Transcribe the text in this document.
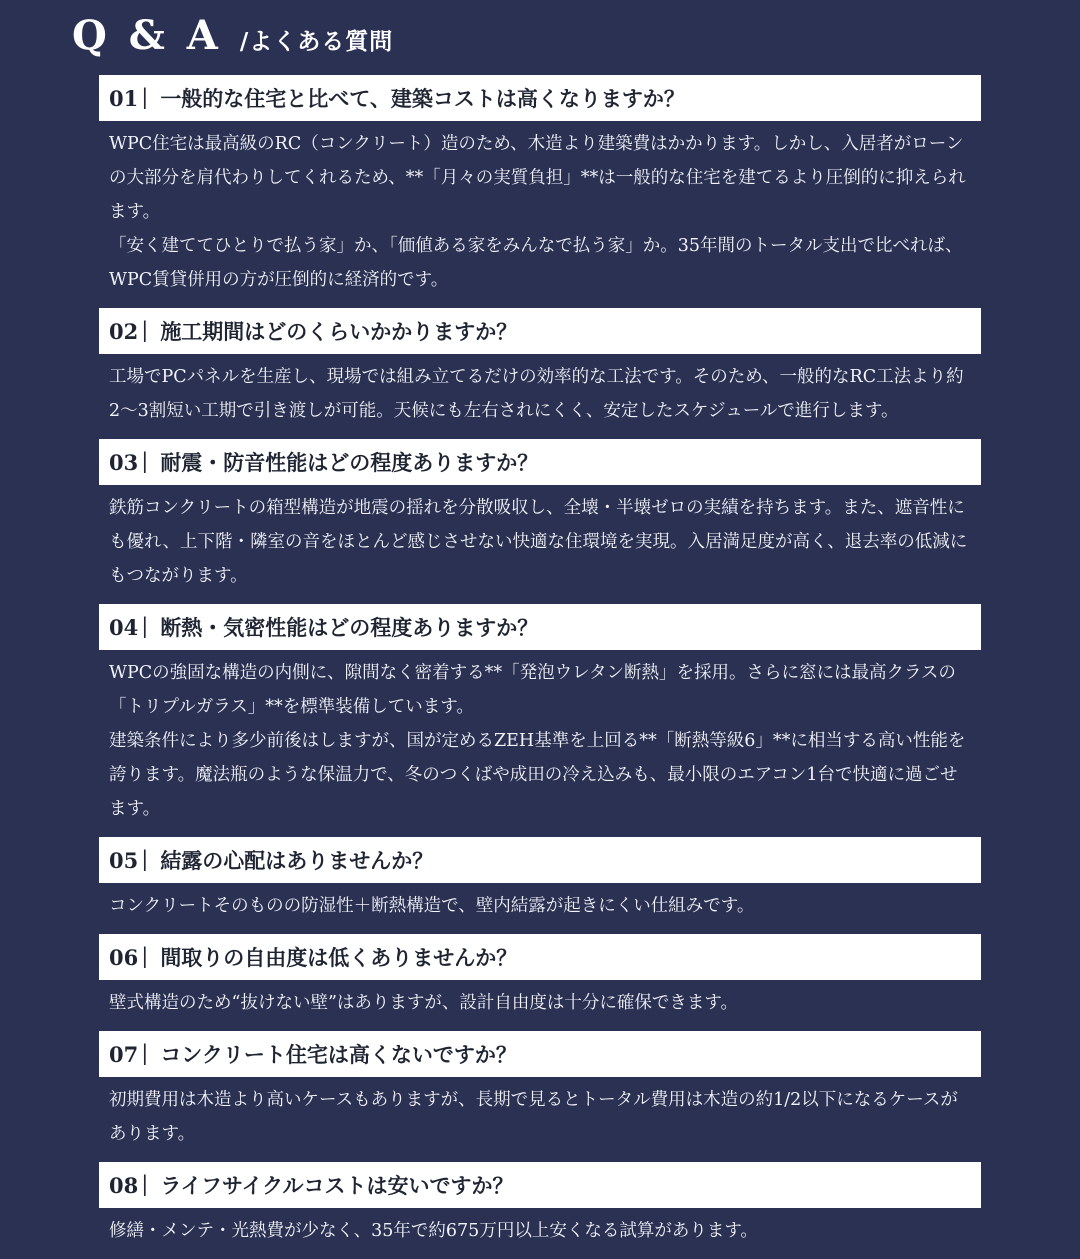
Q & A /よくある質問
01 | 一般的な住宅と比べて、建築コストは高くなりますか？

WPC住宅は最高級のRC（コンクリート）造のため、木造より建築費はかかります。しかし、入居者がローンの大部分を肩代わりしてくれるため、**「月々の実質負担」**は一般的な住宅を建てるより圧倒的に抑えられます。

「安く建ててひとりで払う家」か、「価値ある家をみんなで払う家」か。35年間のトータル支出で比べれば、WPC賃貸併用の方が圧倒的に経済的です。

02 | 施工期間はどのくらいかかりますか？

工場でPCパネルを生産し、現場では組み立てるだけの効率的な工法です。そのため、一般的なRC工法より約2〜3割短い工期で引き渡しが可能。天候にも左右されにくく、安定したスケジュールで進行します。

03 | 耐震・防音性能はどの程度ありますか？

鉄筋コンクリートの箱型構造が地震の揺れを分散吸収し、全壊・半壊ゼロの実績を持ちます。また、遮音性にも優れ、上下階・隣室の音をほとんど感じさせない快適な住環境を実現。入居満足度が高く、退去率の低減にもつながります。

04 | 断熱・気密性能はどの程度ありますか？

WPCの強固な構造の内側に、隙間なく密着する**「発泡ウレタン断熱」を採用。さらに窓には最高クラスの「トリプルガラス」**を標準装備しています。

建築条件により多少前後はしますが、国が定めるZEH基準を上回る**「断熱等級6」**に相当する高い性能を誇ります。魔法瓶のような保温力で、冬のつくばや成田の冷え込みも、最小限のエアコン1台で快適に過ごせます。

05 | 結露の心配はありませんか？

コンクリートそのものの防湿性＋断熱構造で、壁内結露が起きにくい仕組みです。

06 | 間取りの自由度は低くありませんか？

壁式構造のため“抜けない壁”はありますが、設計自由度は十分に確保できます。

07 | コンクリート住宅は高くないですか？

初期費用は木造より高いケースもありますが、長期で見るとトータル費用は木造の約1/2以下になるケースがあります。

08 | ライフサイクルコストは安いですか？

修繕・メンテ・光熱費が少なく、35年で約675万円以上安くなる試算があります。
